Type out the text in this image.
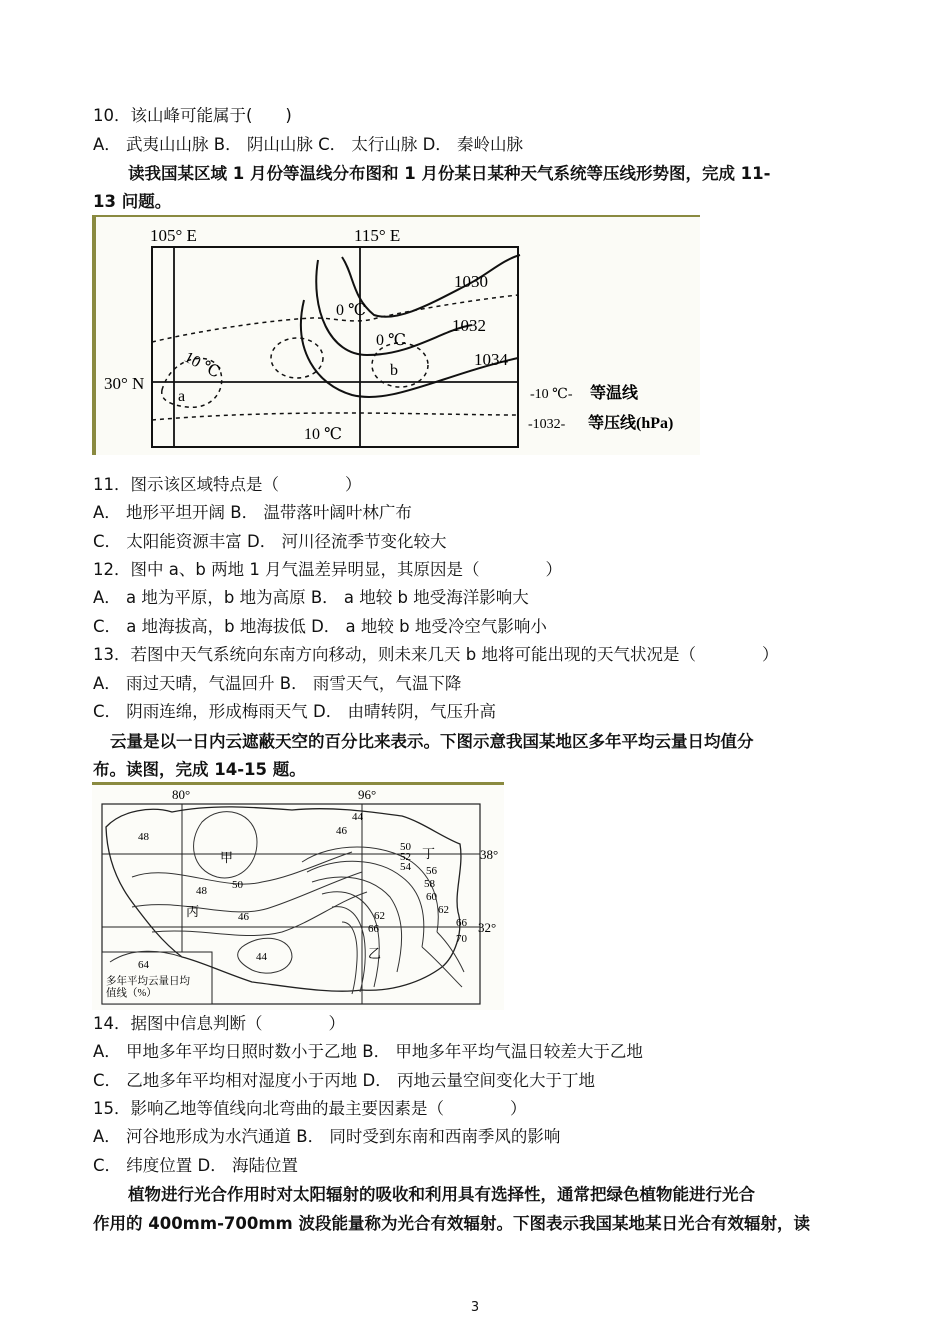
10．该山峰可能属于(　　)
A． 武夷山山脉 B． 阴山山脉 C． 太行山脉 D． 秦岭山脉
读我国某区域 1 月份等温线分布图和 1 月份某日某种天气系统等压线形势图，完成 11-
13 问题。
105° E	115° E
30° N
1030
1032
1034
0 ℃
0 ℃
10 ℃
10 ℃
a
b
-10 ℃- 等温线
-1032- 等压线(hPa)
11．图示该区域特点是（　　　　）
A． 地形平坦开阔 B． 温带落叶阔叶林广布
C． 太阳能资源丰富 D． 河川径流季节变化较大
12．图中 a、b 两地 1 月气温差异明显，其原因是（　　　　）
A． a 地为平原，b 地为高原 B． a 地较 b 地受海洋影响大
C． a 地海拔高，b 地海拔低 D． a 地较 b 地受冷空气影响小
13．若图中天气系统向东南方向移动，则未来几天 b 地将可能出现的天气状况是（　　　　）
A． 雨过天晴，气温回升 B． 雨雪天气，气温下降
C． 阴雨连绵，形成梅雨天气 D． 由晴转阴，气压升高
云量是以一日内云遮蔽天空的百分比来表示。下图示意我国某地区多年平均云量日均值分
布。读图，完成 14-15 题。
80°	96°
38°
32°
48
44
46
50
52
54 56
58
60
62
66
70
48 50
46
44
62
66
甲
乙
丙
丁
64
多年平均云量日均
值线（%）
14．据图中信息判断（　　　　）
A． 甲地多年平均日照时数小于乙地 B． 甲地多年平均气温日较差大于乙地
C． 乙地多年平均相对湿度小于丙地 D． 丙地云量空间变化大于丁地
15．影响乙地等值线向北弯曲的最主要因素是（　　　　）
A． 河谷地形成为水汽通道 B． 同时受到东南和西南季风的影响
C． 纬度位置 D． 海陆位置
植物进行光合作用时对太阳辐射的吸收和利用具有选择性，通常把绿色植物能进行光合
作用的 400mm-700mm 波段能量称为光合有效辐射。下图表示我国某地某日光合有效辐射，读
3
